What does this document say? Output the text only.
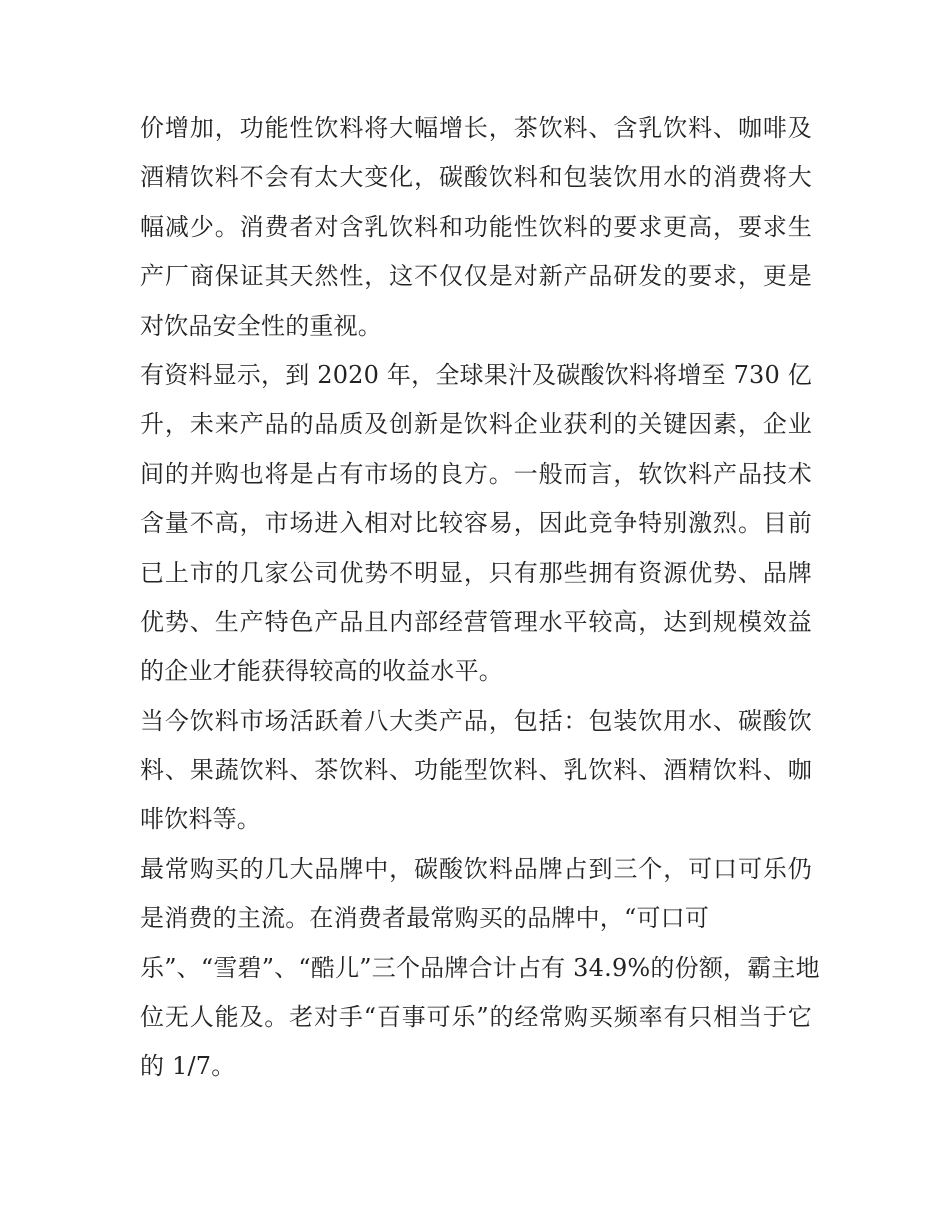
价增加，功能性饮料将大幅增长，茶饮料、含乳饮料、咖啡及
酒精饮料不会有太大变化，碳酸饮料和包装饮用水的消费将大
幅减少。消费者对含乳饮料和功能性饮料的要求更高，要求生
产厂商保证其天然性，这不仅仅是对新产品研发的要求，更是
对饮品安全性的重视。
有资料显示，到 2020 年，全球果汁及碳酸饮料将增至 730 亿
升，未来产品的品质及创新是饮料企业获利的关键因素，企业
间的并购也将是占有市场的良方。一般而言，软饮料产品技术
含量不高，市场进入相对比较容易，因此竞争特别激烈。目前
已上市的几家公司优势不明显，只有那些拥有资源优势、品牌
优势、生产特色产品且内部经营管理水平较高，达到规模效益
的企业才能获得较高的收益水平。
当今饮料市场活跃着八大类产品，包括：包装饮用水、碳酸饮
料、果蔬饮料、茶饮料、功能型饮料、乳饮料、酒精饮料、咖
啡饮料等。
最常购买的几大品牌中，碳酸饮料品牌占到三个，可口可乐仍
是消费的主流。在消费者最常购买的品牌中，“可口可
乐”、“雪碧”、“酷儿”三个品牌合计占有 34.9%的份额，霸主地
位无人能及。老对手“百事可乐”的经常购买频率有只相当于它
的 1/7。
